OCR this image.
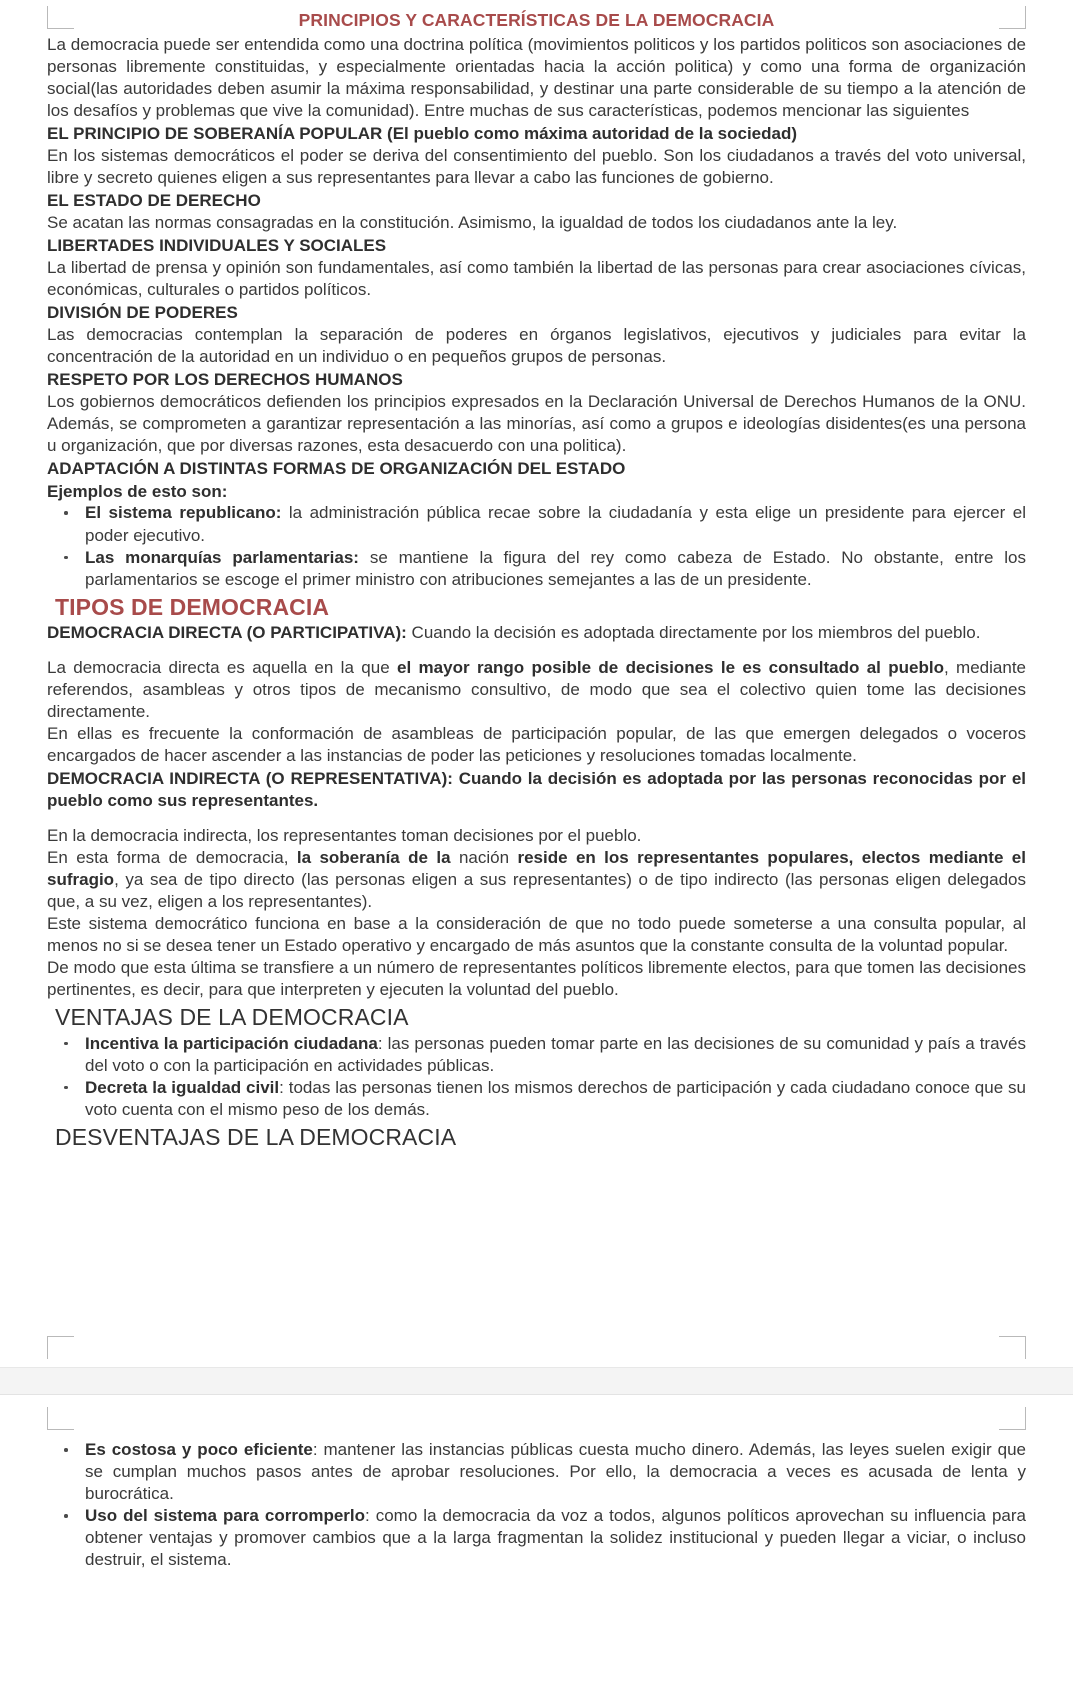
PRINCIPIOS Y CARACTERÍSTICAS DE LA DEMOCRACIA

La democracia puede ser entendida como una doctrina política (movimientos politicos y los partidos politicos son asociaciones de personas libremente constituidas, y especialmente orientadas hacia la acción politica) y como una forma de organización social(las autoridades deben asumir la máxima responsabilidad, y destinar una parte considerable de su tiempo a la atención de los desafíos y problemas que vive la comunidad). Entre muchas de sus características, podemos mencionar las siguientes

EL PRINCIPIO DE SOBERANÍA POPULAR (El pueblo como máxima autoridad de la sociedad)

En los sistemas democráticos el poder se deriva del consentimiento del pueblo. Son los ciudadanos a través del voto universal, libre y secreto quienes eligen a sus representantes para llevar a cabo las funciones de gobierno.

EL ESTADO DE DERECHO

Se acatan las normas consagradas en la constitución. Asimismo, la igualdad de todos los ciudadanos ante la ley.

LIBERTADES INDIVIDUALES Y SOCIALES

La libertad de prensa y opinión son fundamentales, así como también la libertad de las personas para crear asociaciones cívicas, económicas, culturales o partidos políticos.

DIVISIÓN DE PODERES

Las democracias contemplan la separación de poderes en órganos legislativos, ejecutivos y judiciales para evitar la concentración de la autoridad en un individuo o en pequeños grupos de personas.

RESPETO POR LOS DERECHOS HUMANOS

Los gobiernos democráticos defienden los principios expresados en la Declaración Universal de Derechos Humanos de la ONU. Además, se comprometen a garantizar representación a las minorías, así como a grupos e ideologías disidentes(es una persona u organización, que por diversas razones, esta desacuerdo con una politica).

ADAPTACIÓN A DISTINTAS FORMAS DE ORGANIZACIÓN DEL ESTADO
Ejemplos de esto son:
El sistema republicano: la administración pública recae sobre la ciudadanía y esta elige un presidente para ejercer el poder ejecutivo.
Las monarquías parlamentarias: se mantiene la figura del rey como cabeza de Estado. No obstante, entre los parlamentarios se escoge el primer ministro con atribuciones semejantes a las de un presidente.
TIPOS DE DEMOCRACIA

DEMOCRACIA DIRECTA (O PARTICIPATIVA): Cuando la decisión es adoptada directamente por los miembros del pueblo.

La democracia directa es aquella en la que el mayor rango posible de decisiones le es consultado al pueblo, mediante referendos, asambleas y otros tipos de mecanismo consultivo, de modo que sea el colectivo quien tome las decisiones directamente.

En ellas es frecuente la conformación de asambleas de participación popular, de las que emergen delegados o voceros encargados de hacer ascender a las instancias de poder las peticiones y resoluciones tomadas localmente.

DEMOCRACIA INDIRECTA (O REPRESENTATIVA): Cuando la decisión es adoptada por las personas reconocidas por el pueblo como sus representantes.

En la democracia indirecta, los representantes toman decisiones por el pueblo.

En esta forma de democracia, la soberanía de la nación reside en los representantes populares, electos mediante el sufragio, ya sea de tipo directo (las personas eligen a sus representantes) o de tipo indirecto (las personas eligen delegados que, a su vez, eligen a los representantes).

Este sistema democrático funciona en base a la consideración de que no todo puede someterse a una consulta popular, al menos no si se desea tener un Estado operativo y encargado de más asuntos que la constante consulta de la voluntad popular.

De modo que esta última se transfiere a un número de representantes políticos libremente electos, para que tomen las decisiones pertinentes, es decir, para que interpreten y ejecuten la voluntad del pueblo.

VENTAJAS DE LA DEMOCRACIA
Incentiva la participación ciudadana: las personas pueden tomar parte en las decisiones de su comunidad y país a través del voto o con la participación en actividades públicas.
Decreta la igualdad civil: todas las personas tienen los mismos derechos de participación y cada ciudadano conoce que su voto cuenta con el mismo peso de los demás.
DESVENTAJAS DE LA DEMOCRACIA
Es costosa y poco eficiente: mantener las instancias públicas cuesta mucho dinero. Además, las leyes suelen exigir que se cumplan muchos pasos antes de aprobar resoluciones. Por ello, la democracia a veces es acusada de lenta y burocrática.
Uso del sistema para corromperlo: como la democracia da voz a todos, algunos políticos aprovechan su influencia para obtener ventajas y promover cambios que a la larga fragmentan la solidez institucional y pueden llegar a viciar, o incluso destruir, el sistema.
